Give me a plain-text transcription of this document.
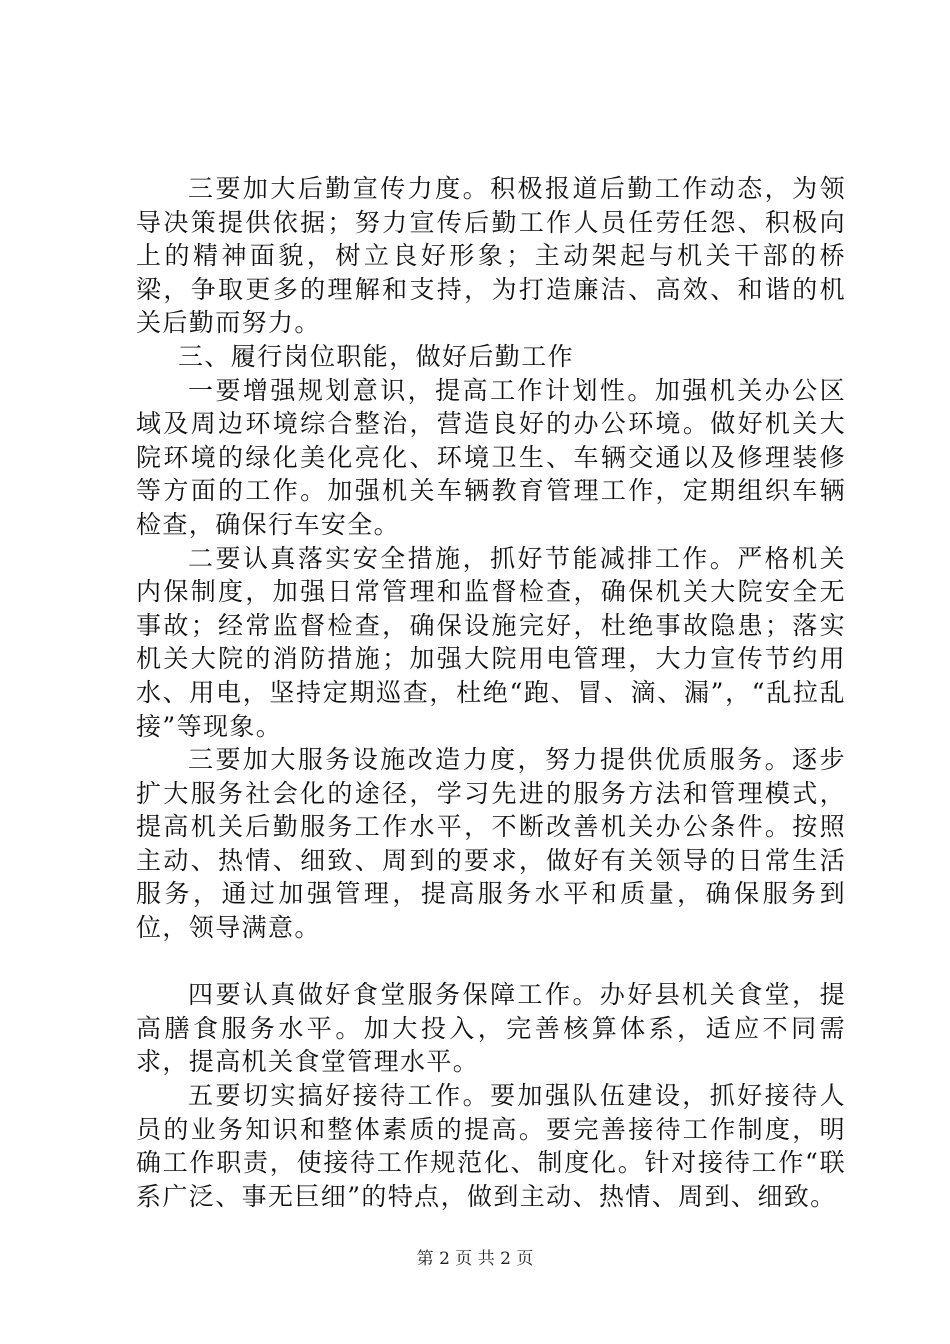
三要加大后勤宣传力度。积极报道后勤工作动态，为领导决策提供依据；努力宣传后勤工作人员任劳任怨、积极向上的精神面貌，树立良好形象；主动架起与机关干部的桥梁，争取更多的理解和支持，为打造廉洁、高效、和谐的机关后勤而努力。

三、履行岗位职能，做好后勤工作

一要增强规划意识，提高工作计划性。加强机关办公区域及周边环境综合整治，营造良好的办公环境。做好机关大院环境的绿化美化亮化、环境卫生、车辆交通以及修理装修等方面的工作。加强机关车辆教育管理工作，定期组织车辆检查，确保行车安全。

二要认真落实安全措施，抓好节能减排工作。严格机关内保制度，加强日常管理和监督检查，确保机关大院安全无事故；经常监督检查，确保设施完好，杜绝事故隐患；落实机关大院的消防措施；加强大院用电管理，大力宣传节约用水、用电，坚持定期巡查，杜绝“跑、冒、滴、漏”，“乱拉乱接”等现象。

三要加大服务设施改造力度，努力提供优质服务。逐步扩大服务社会化的途径，学习先进的服务方法和管理模式，提高机关后勤服务工作水平，不断改善机关办公条件。按照主动、热情、细致、周到的要求，做好有关领导的日常生活服务，通过加强管理，提高服务水平和质量，确保服务到位，领导满意。

四要认真做好食堂服务保障工作。办好县机关食堂，提高膳食服务水平。加大投入，完善核算体系，适应不同需求，提高机关食堂管理水平。

五要切实搞好接待工作。要加强队伍建设，抓好接待人员的业务知识和整体素质的提高。要完善接待工作制度，明确工作职责，使接待工作规范化、制度化。针对接待工作“联系广泛、事无巨细”的特点，做到主动、热情、周到、细致。

第 2 页 共 2 页
